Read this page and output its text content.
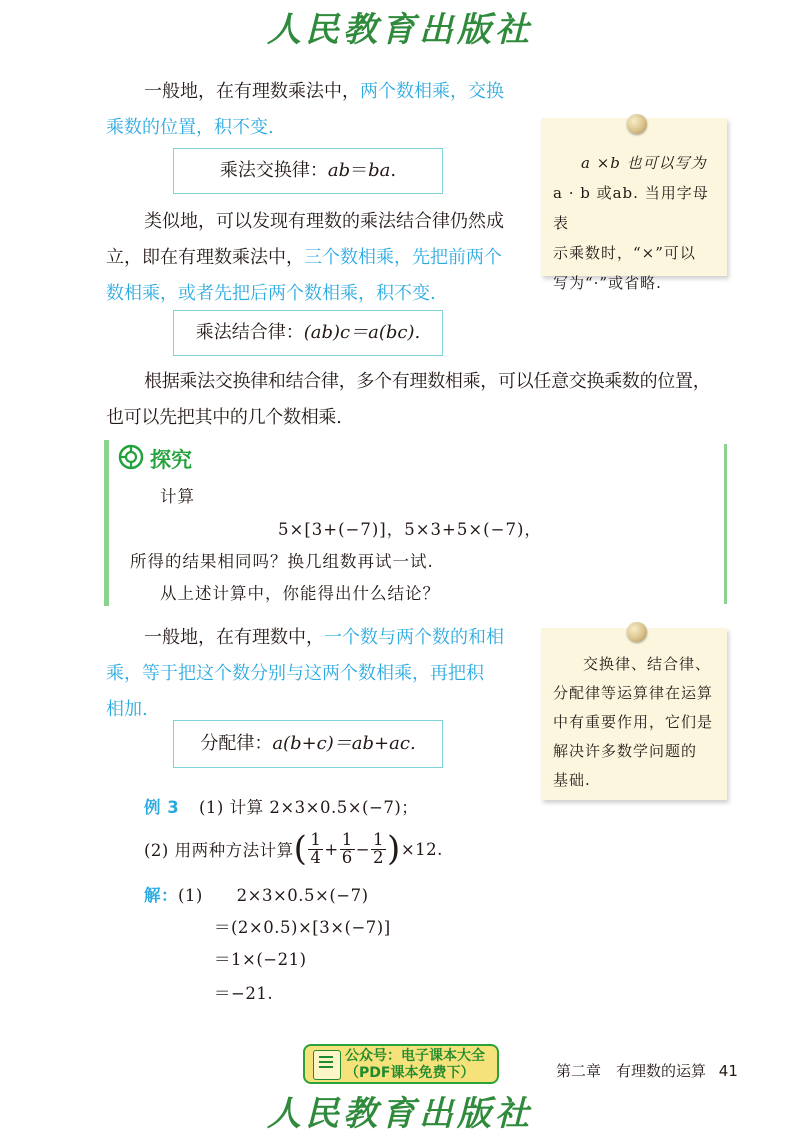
人民教育出版社
一般地，在有理数乘法中，两个数相乘，交换
乘数的位置，积不变.
乘法交换律：ab＝ba.
类似地，可以发现有理数的乘法结合律仍然成
立，即在有理数乘法中，三个数相乘，先把前两个
数相乘，或者先把后两个数相乘，积不变.
乘法结合律：(ab)c＝a(bc).
根据乘法交换律和结合律，多个有理数相乘，可以任意交换乘数的位置，
也可以先把其中的几个数相乘.
a ×b 也可以写为
a · b 或ab. 当用字母表
示乘数时，“×”可以
写为“·”或省略.
探究
计算
5×[3+(−7)]，5×3+5×(−7)，
所得的结果相同吗？换几组数再试一试.
从上述计算中，你能得出什么结论？
一般地，在有理数中，一个数与两个数的和相
乘，等于把这个数分别与这两个数相乘，再把积
相加.
分配律：a(b+c)＝ab+ac.
交换律、结合律、
分配律等运算律在运算
中有重要作用，它们是
解决许多数学问题的
基础.
例 3 (1) 计算 2×3×0.5×(−7)；
(2) 用两种方法计算 ( $\frac{1}{4} + \frac{1}{6} - \frac{1}{2}$ ) ×12.
解：(1) 2×3×0.5×(−7)
＝(2×0.5)×[3×(−7)]
＝1×(−21)
＝−21.
公众号：电子课本大全
（PDF课本免费下）	第二章　有理数的运算 41
人民教育出版社
